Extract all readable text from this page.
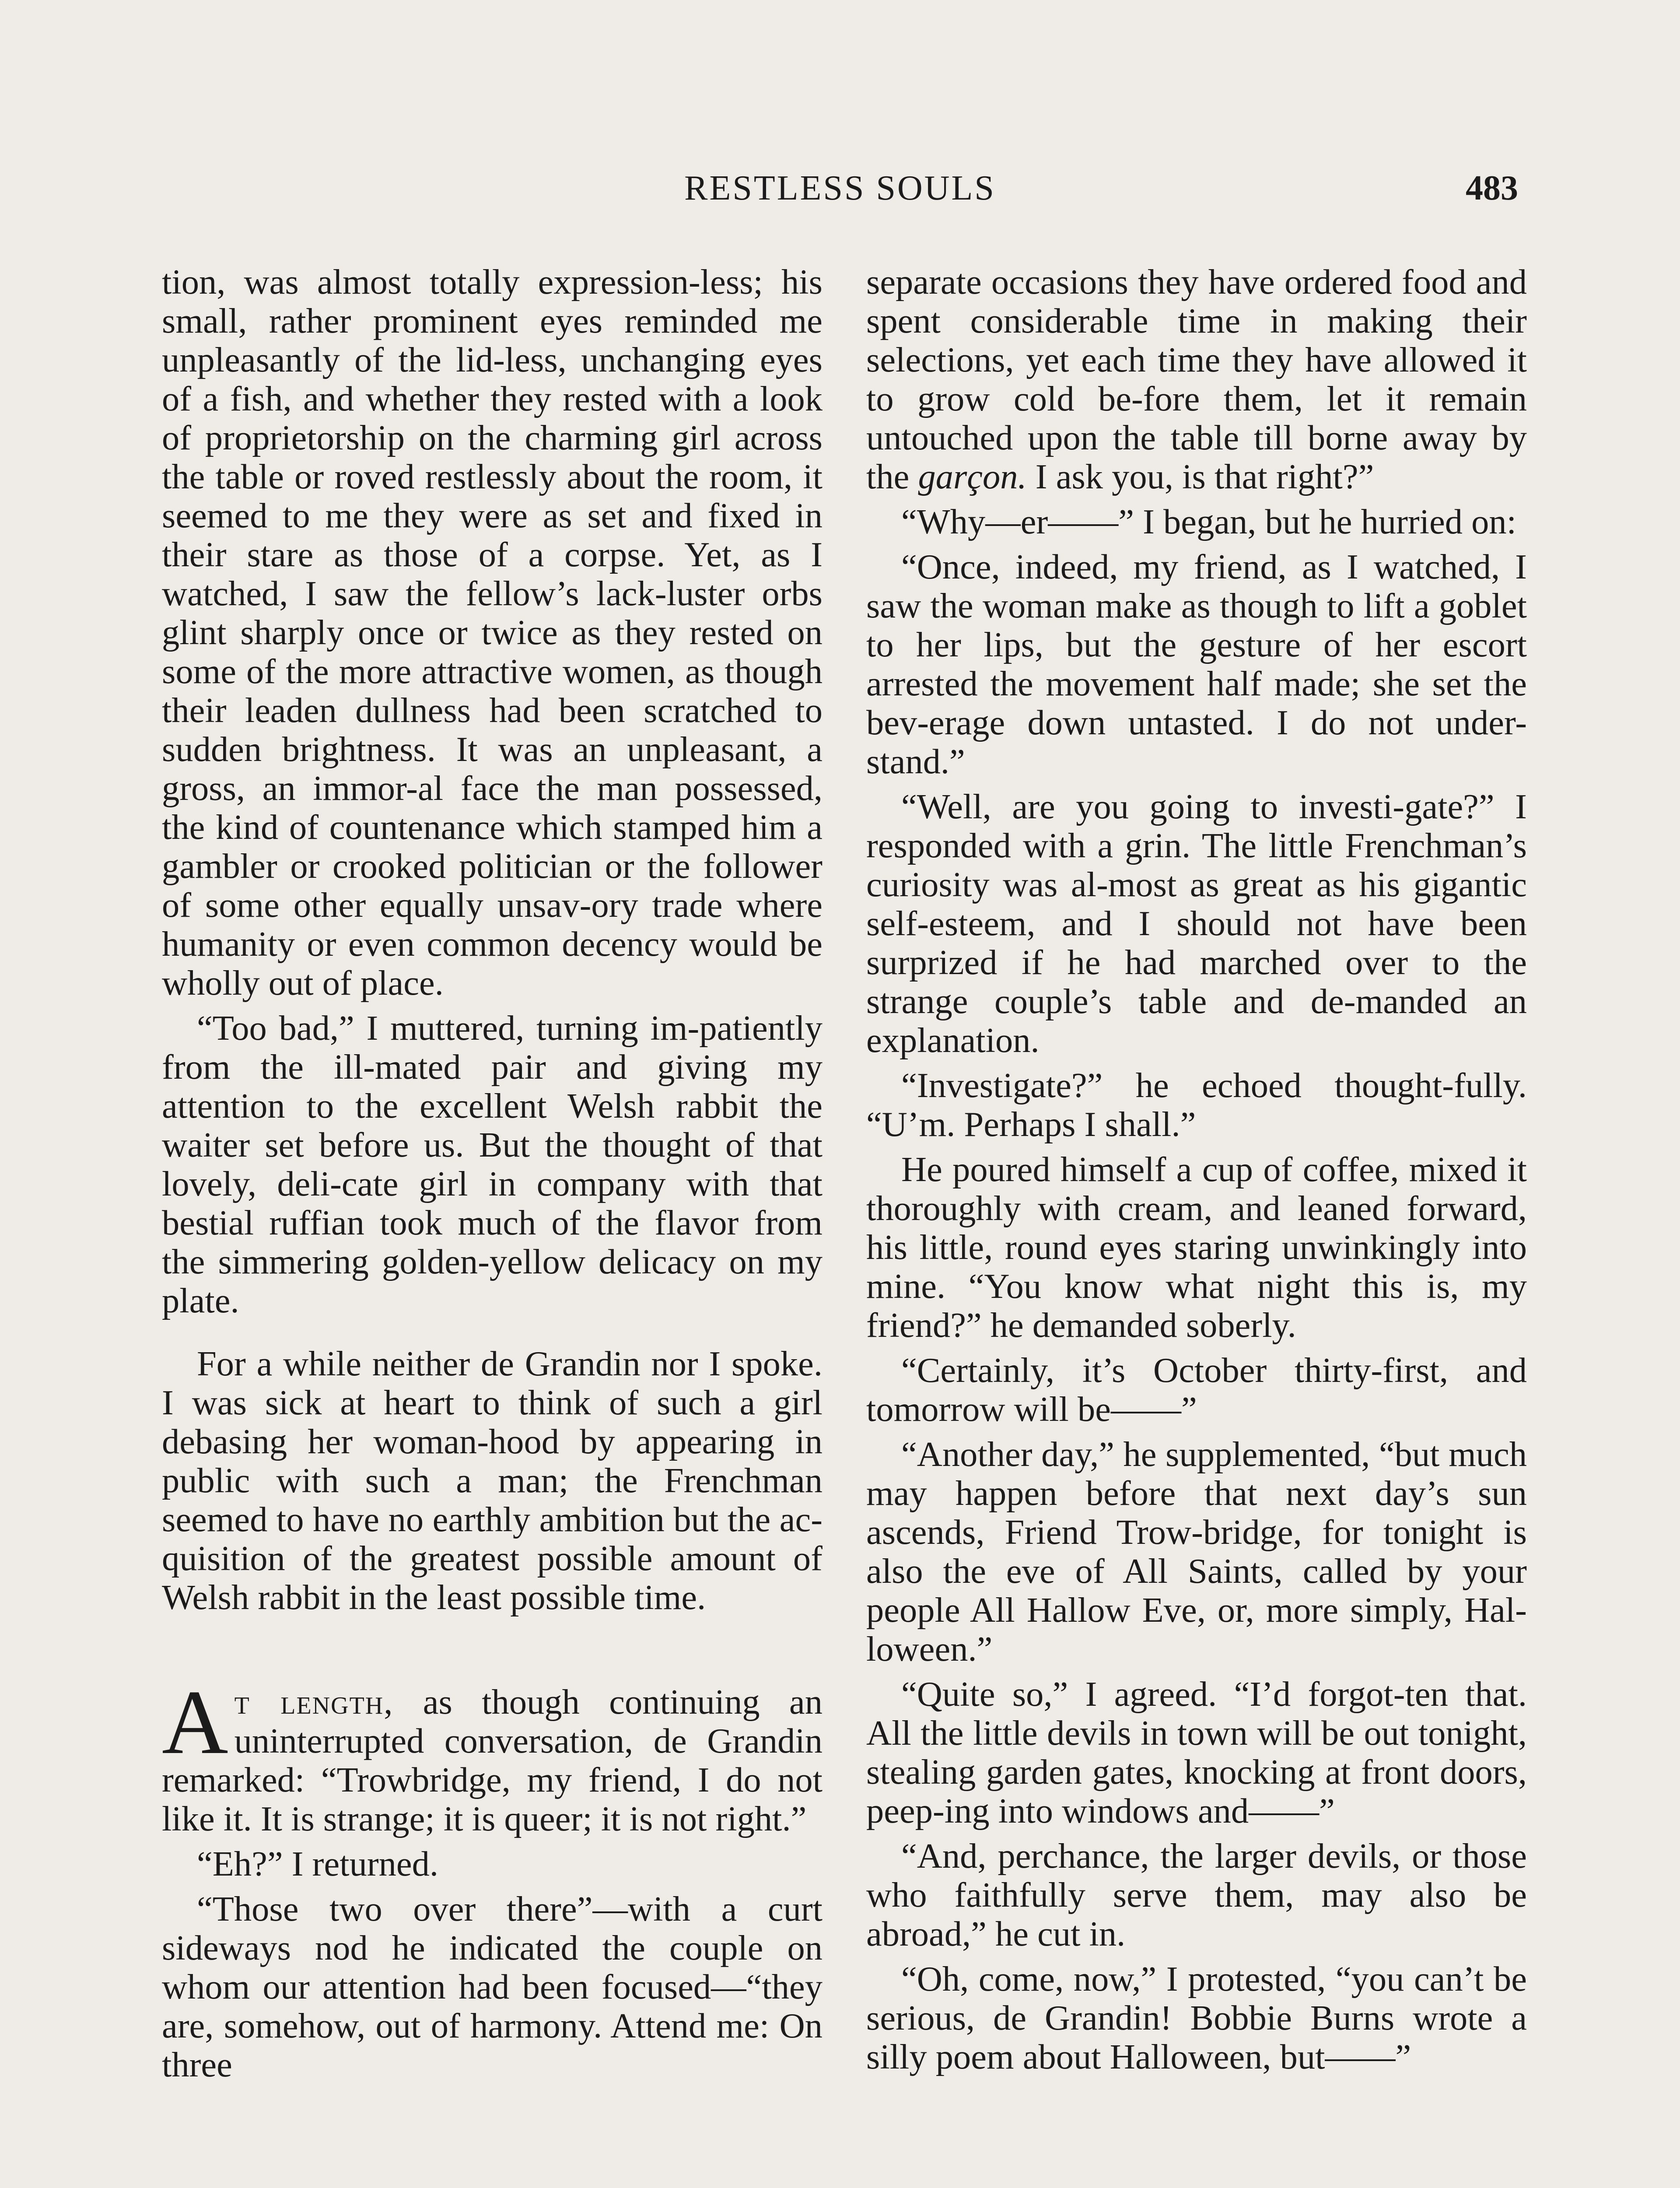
RESTLESS SOULS	483

tion, was almost totally expression-less; his small, rather prominent eyes reminded me unpleasantly of the lid-less, unchanging eyes of a fish, and whether they rested with a look of proprietorship on the charming girl across the table or roved restlessly about the room, it seemed to me they were as set and fixed in their stare as those of a corpse. Yet, as I watched, I saw the fellow’s lack-luster orbs glint sharply once or twice as they rested on some of the more attractive women, as though their leaden dullness had been scratched to sudden brightness. It was an unpleasant, a gross, an immor-al face the man possessed, the kind of countenance which stamped him a gambler or crooked politician or the follower of some other equally unsav-ory trade where humanity or even common decency would be wholly out of place.

“Too bad,” I muttered, turning im-patiently from the ill-mated pair and giving my attention to the excellent Welsh rabbit the waiter set before us. But the thought of that lovely, deli-cate girl in company with that bestial ruffian took much of the flavor from the simmering golden-yellow delicacy on my plate.

For a while neither de Grandin nor I spoke. I was sick at heart to think of such a girl debasing her woman-hood by appearing in public with such a man; the Frenchman seemed to have no earthly ambition but the ac-quisition of the greatest possible amount of Welsh rabbit in the least possible time.

At length, as though continuing an uninterrupted conversation, de Grandin remarked: “Trowbridge, my friend, I do not like it. It is strange; it is queer; it is not right.”

“Eh?” I returned.

“Those two over there”—with a curt sideways nod he indicated the couple on whom our attention had been focused—“they are, somehow, out of harmony. Attend me: On three

separate occasions they have ordered food and spent considerable time in making their selections, yet each time they have allowed it to grow cold be-fore them, let it remain untouched upon the table till borne away by the garçon. I ask you, is that right?”

“Why—er——” I began, but he hurried on:

“Once, indeed, my friend, as I watched, I saw the woman make as though to lift a goblet to her lips, but the gesture of her escort arrested the movement half made; she set the bev-erage down untasted. I do not under-stand.”

“Well, are you going to investi-gate?” I responded with a grin. The little Frenchman’s curiosity was al-most as great as his gigantic self-esteem, and I should not have been surprized if he had marched over to the strange couple’s table and de-manded an explanation.

“Investigate?” he echoed thought-fully. “U’m. Perhaps I shall.”

He poured himself a cup of coffee, mixed it thoroughly with cream, and leaned forward, his little, round eyes staring unwinkingly into mine. “You know what night this is, my friend?” he demanded soberly.

“Certainly, it’s October thirty-first, and tomorrow will be——”

“Another day,” he supplemented, “but much may happen before that next day’s sun ascends, Friend Trow-bridge, for tonight is also the eve of All Saints, called by your people All Hallow Eve, or, more simply, Hal-loween.”

“Quite so,” I agreed. “I’d forgot-ten that. All the little devils in town will be out tonight, stealing garden gates, knocking at front doors, peep-ing into windows and——”

“And, perchance, the larger devils, or those who faithfully serve them, may also be abroad,” he cut in.

“Oh, come, now,” I protested, “you can’t be serious, de Grandin! Bobbie Burns wrote a silly poem about Halloween, but——”
